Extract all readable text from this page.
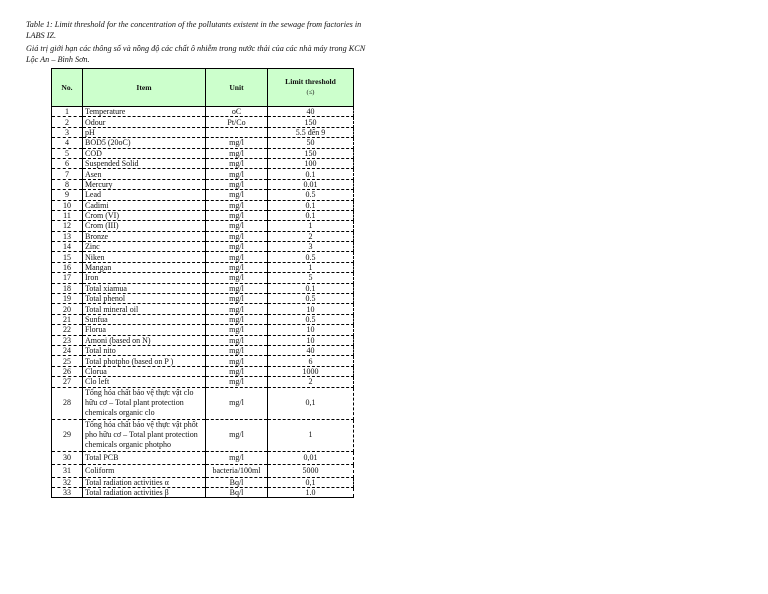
Table 1: Limit threshold for the concentration of the pollutants existent in the sewage from factories in LABS IZ.
Giá trị giới hạn các thông số và nồng độ các chất ô nhiễm trong nước thải của các nhà máy trong KCN Lộc An – Bình Sơn.
No.	Item	Unit	Limit threshold
(≤)
1	Temperature	oC	40
2	Odour	Pt/Co	150
3	pH		5.5 đến 9
4	BOD5 (20oC)	mg/l	50
5	COD	mg/l	150
6	Suspended Solid	mg/l	100
7	Asen	mg/l	0.1
8	Mercury	mg/l	0.01
9	Lead	mg/l	0.5
10	Cadimi	mg/l	0.1
11	Crom (VI)	mg/l	0.1
12	Crom (III)	mg/l	1
13	Bronze	mg/l	2
14	Zinc	mg/l	3
15	Niken	mg/l	0.5
16	Mangan	mg/l	1
17	Iron	mg/l	5
18	Total xiamua	mg/l	0.1
19	Total phenol	mg/l	0.5
20	Total mineral oil	mg/l	10
21	Sunfua	mg/l	0.5
22	Florua	mg/l	10
23	Amoni (based on N)	mg/l	10
24	Total nito	mg/l	40
25	Total photpho (based on P )	mg/l	6
26	Clorua	mg/l	1000
27	Clo left	mg/l	2
28	Tổng hóa chất bảo vệ thực vật clo hữu cơ – Total plant protection chemicals organic clo	mg/l	0,1
29	Tổng hóa chất bảo vệ thực vật phốt pho hữu cơ – Total plant protection chemicals organic photpho	mg/l	1
30	Total PCB	mg/l	0,01
31	Coliform	bacteria/100ml	5000
32	Total radiation activities α	Bq/l	0,1
33	Total radiation activities β	Bq/l	1.0
